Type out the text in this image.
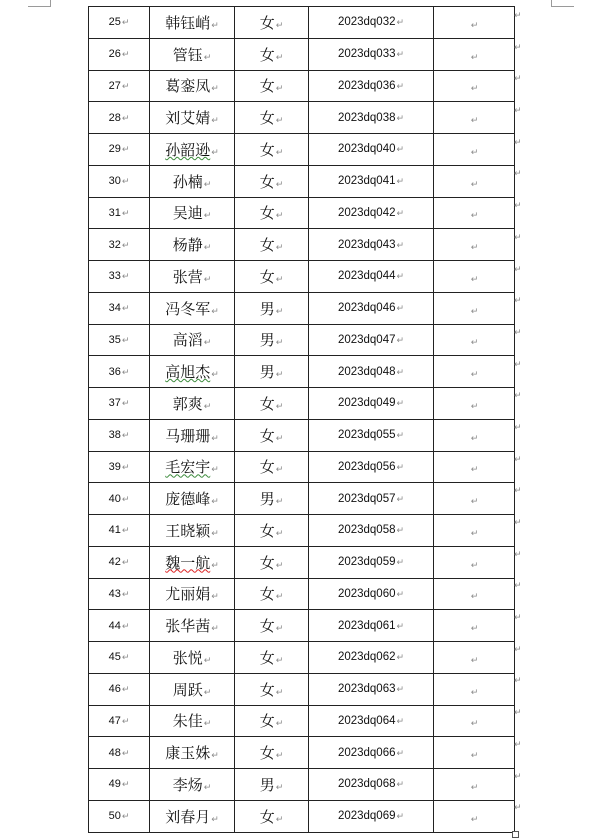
25↵	韩钰峭↵	女↵	2023dq032↵	↵
26↵	管钰↵	女↵	2023dq033↵	↵
27↵	葛銮凤↵	女↵	2023dq036↵	↵
28↵	刘艾婧↵	女↵	2023dq038↵	↵
29↵	孙韶逊↵	女↵	2023dq040↵	↵
30↵	孙楠↵	女↵	2023dq041↵	↵
31↵	吴迪↵	女↵	2023dq042↵	↵
32↵	杨静↵	女↵	2023dq043↵	↵
33↵	张营↵	女↵	2023dq044↵	↵
34↵	冯冬军↵	男↵	2023dq046↵	↵
35↵	高滔↵	男↵	2023dq047↵	↵
36↵	高旭杰↵	男↵	2023dq048↵	↵
37↵	郭爽↵	女↵	2023dq049↵	↵
38↵	马珊珊↵	女↵	2023dq055↵	↵
39↵	毛宏宇↵	女↵	2023dq056↵	↵
40↵	庞德峰↵	男↵	2023dq057↵	↵
41↵	王晓颖↵	女↵	2023dq058↵	↵
42↵	魏一航↵	女↵	2023dq059↵	↵
43↵	尤丽娟↵	女↵	2023dq060↵	↵
44↵	张华茜↵	女↵	2023dq061↵	↵
45↵	张悦↵	女↵	2023dq062↵	↵
46↵	周跃↵	女↵	2023dq063↵	↵
47↵	朱佳↵	女↵	2023dq064↵	↵
48↵	康玉姝↵	女↵	2023dq066↵	↵
49↵	李炀↵	男↵	2023dq068↵	↵
50↵	刘春月↵	女↵	2023dq069↵	↵
↵
↵
↵
↵
↵
↵
↵
↵
↵
↵
↵
↵
↵
↵
↵
↵
↵
↵
↵
↵
↵
↵
↵
↵
↵
↵
